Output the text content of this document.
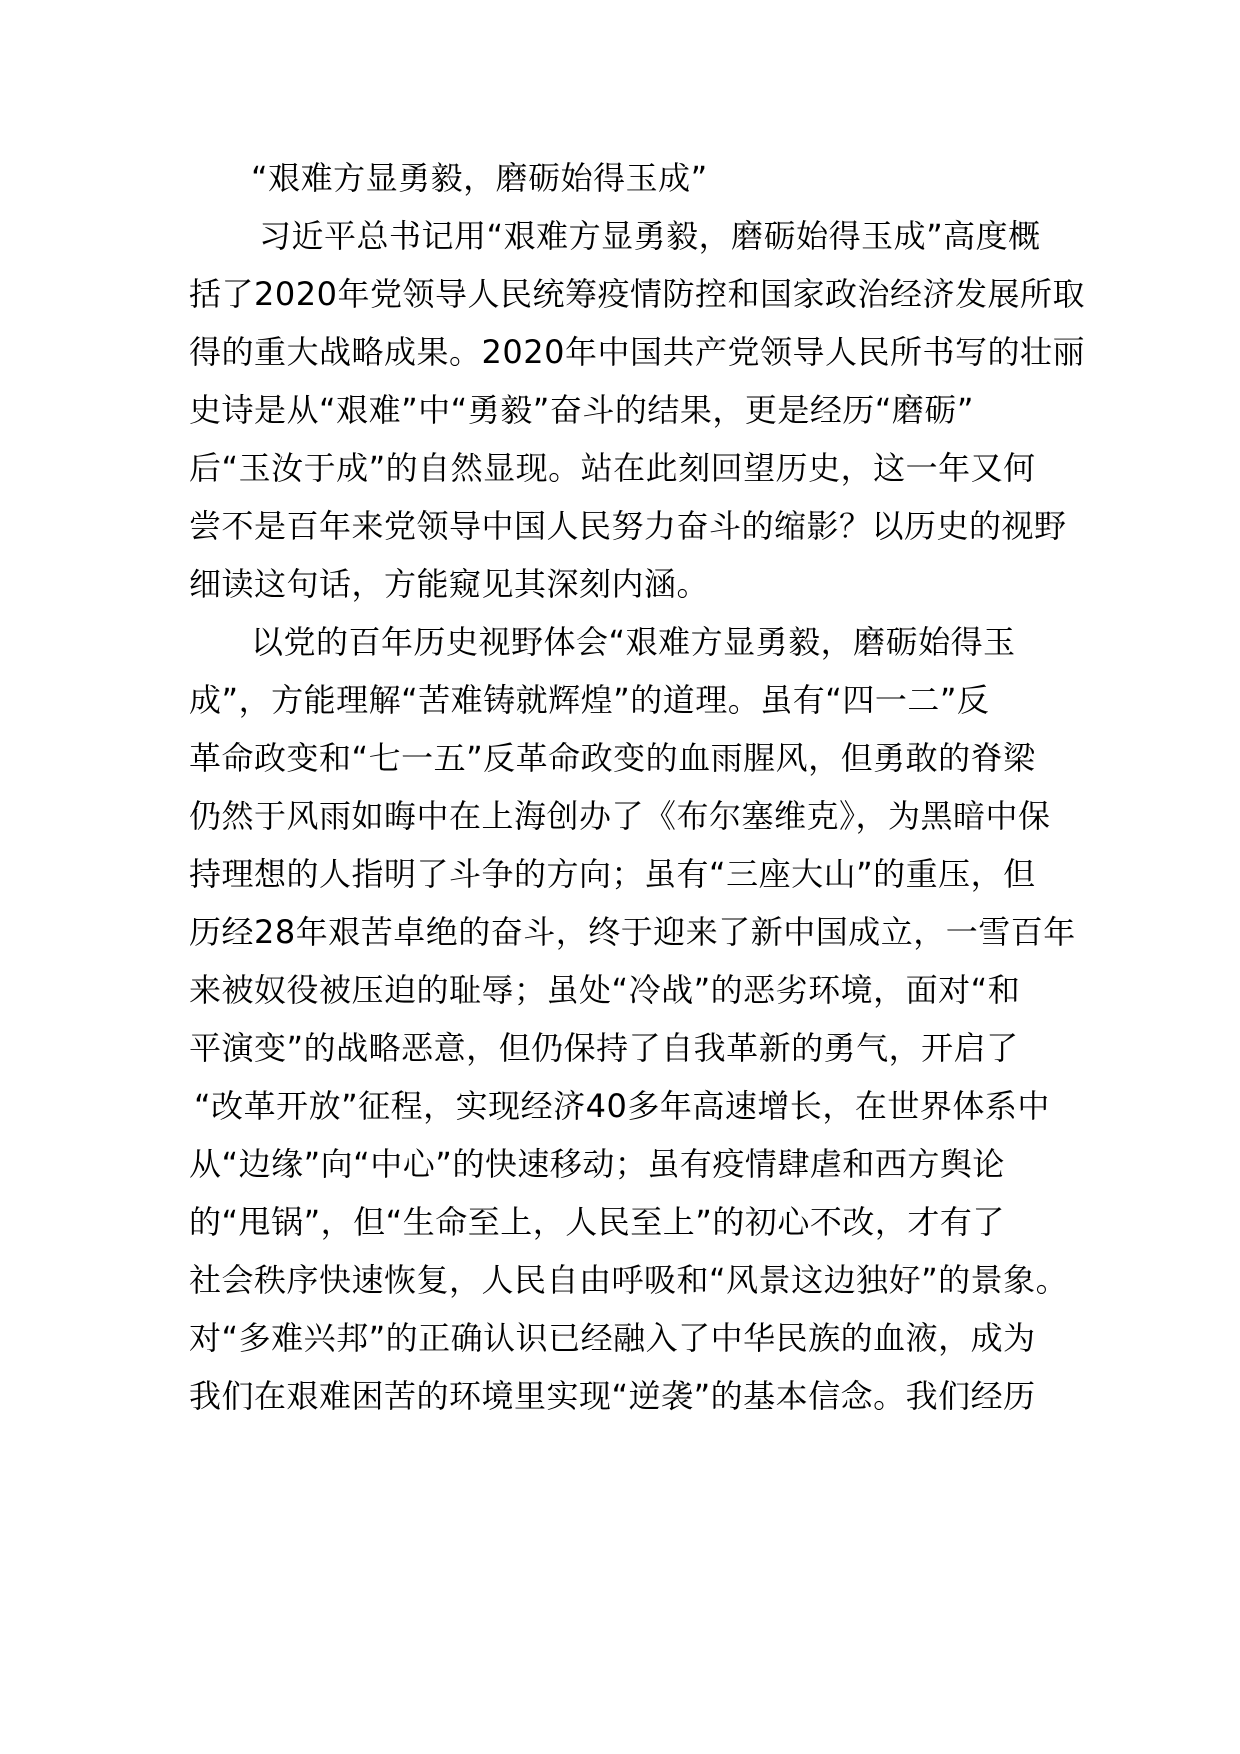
“艰难方显勇毅，磨砺始得玉成”
习近平总书记用“艰难方显勇毅，磨砺始得玉成”高度概
括了2020年党领导人民统筹疫情防控和国家政治经济发展所取
得的重大战略成果。2020年中国共产党领导人民所书写的壮丽
史诗是从“艰难”中“勇毅”奋斗的结果，更是经历“磨砺”
后“玉汝于成”的自然显现。站在此刻回望历史，这一年又何
尝不是百年来党领导中国人民努力奋斗的缩影？以历史的视野
细读这句话，方能窥见其深刻内涵。
以党的百年历史视野体会“艰难方显勇毅，磨砺始得玉
成”，方能理解“苦难铸就辉煌”的道理。虽有“四一二”反
革命政变和“七一五”反革命政变的血雨腥风，但勇敢的脊梁
仍然于风雨如晦中在上海创办了《布尔塞维克》，为黑暗中保
持理想的人指明了斗争的方向；虽有“三座大山”的重压，但
历经28年艰苦卓绝的奋斗，终于迎来了新中国成立，一雪百年
来被奴役被压迫的耻辱；虽处“冷战”的恶劣环境，面对“和
平演变”的战略恶意，但仍保持了自我革新的勇气，开启了
“改革开放”征程，实现经济40多年高速增长，在世界体系中
从“边缘”向“中心”的快速移动；虽有疫情肆虐和西方舆论
的“甩锅”，但“生命至上，人民至上”的初心不改，才有了
社会秩序快速恢复，人民自由呼吸和“风景这边独好”的景象。
对“多难兴邦”的正确认识已经融入了中华民族的血液，成为
我们在艰难困苦的环境里实现“逆袭”的基本信念。我们经历
